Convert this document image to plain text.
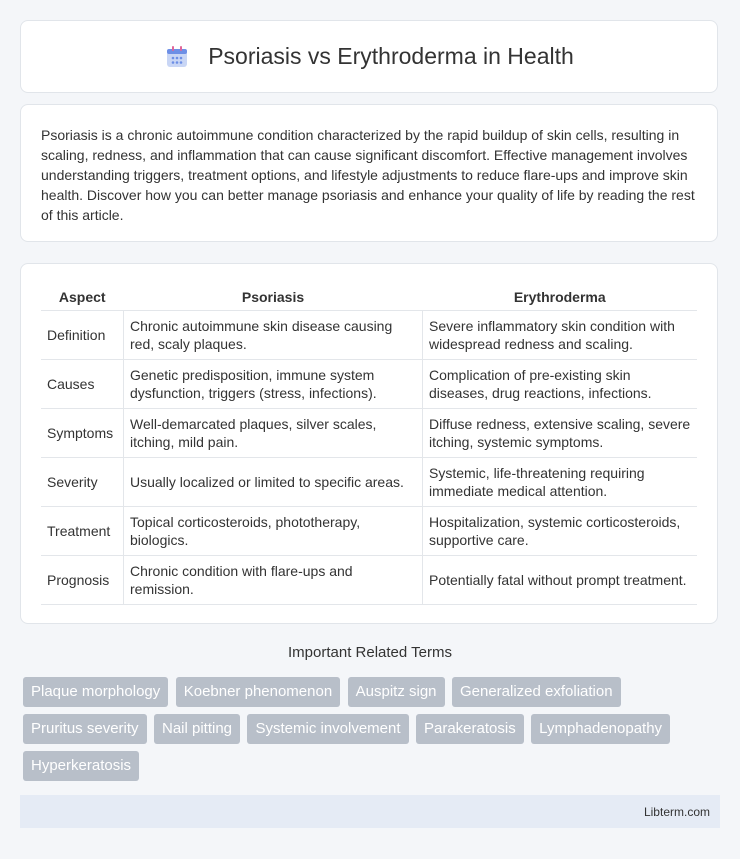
Psoriasis vs Erythroderma in Health

Psoriasis is a chronic autoimmune condition characterized by the rapid buildup of skin cells, resulting in scaling, redness, and inflammation that can cause significant discomfort. Effective management involves understanding triggers, treatment options, and lifestyle adjustments to reduce flare-ups and improve skin health. Discover how you can better manage psoriasis and enhance your quality of life by reading the rest of this article.

Aspect	Psoriasis	Erythroderma
Definition	Chronic autoimmune skin disease causing red, scaly plaques.	Severe inflammatory skin condition with widespread redness and scaling.
Causes	Genetic predisposition, immune system dysfunction, triggers (stress, infections).	Complication of pre-existing skin diseases, drug reactions, infections.
Symptoms	Well-demarcated plaques, silver scales, itching, mild pain.	Diffuse redness, extensive scaling, severe itching, systemic symptoms.
Severity	Usually localized or limited to specific areas.	Systemic, life-threatening requiring immediate medical attention.
Treatment	Topical corticosteroids, phototherapy, biologics.	Hospitalization, systemic corticosteroids, supportive care.
Prognosis	Chronic condition with flare-ups and remission.	Potentially fatal without prompt treatment.
Important Related Terms
Plaque morphology Koebner phenomenon Auspitz sign Generalized exfoliation Pruritus severity Nail pitting Systemic involvement Parakeratosis Lymphadenopathy Hyperkeratosis
Libterm.com
